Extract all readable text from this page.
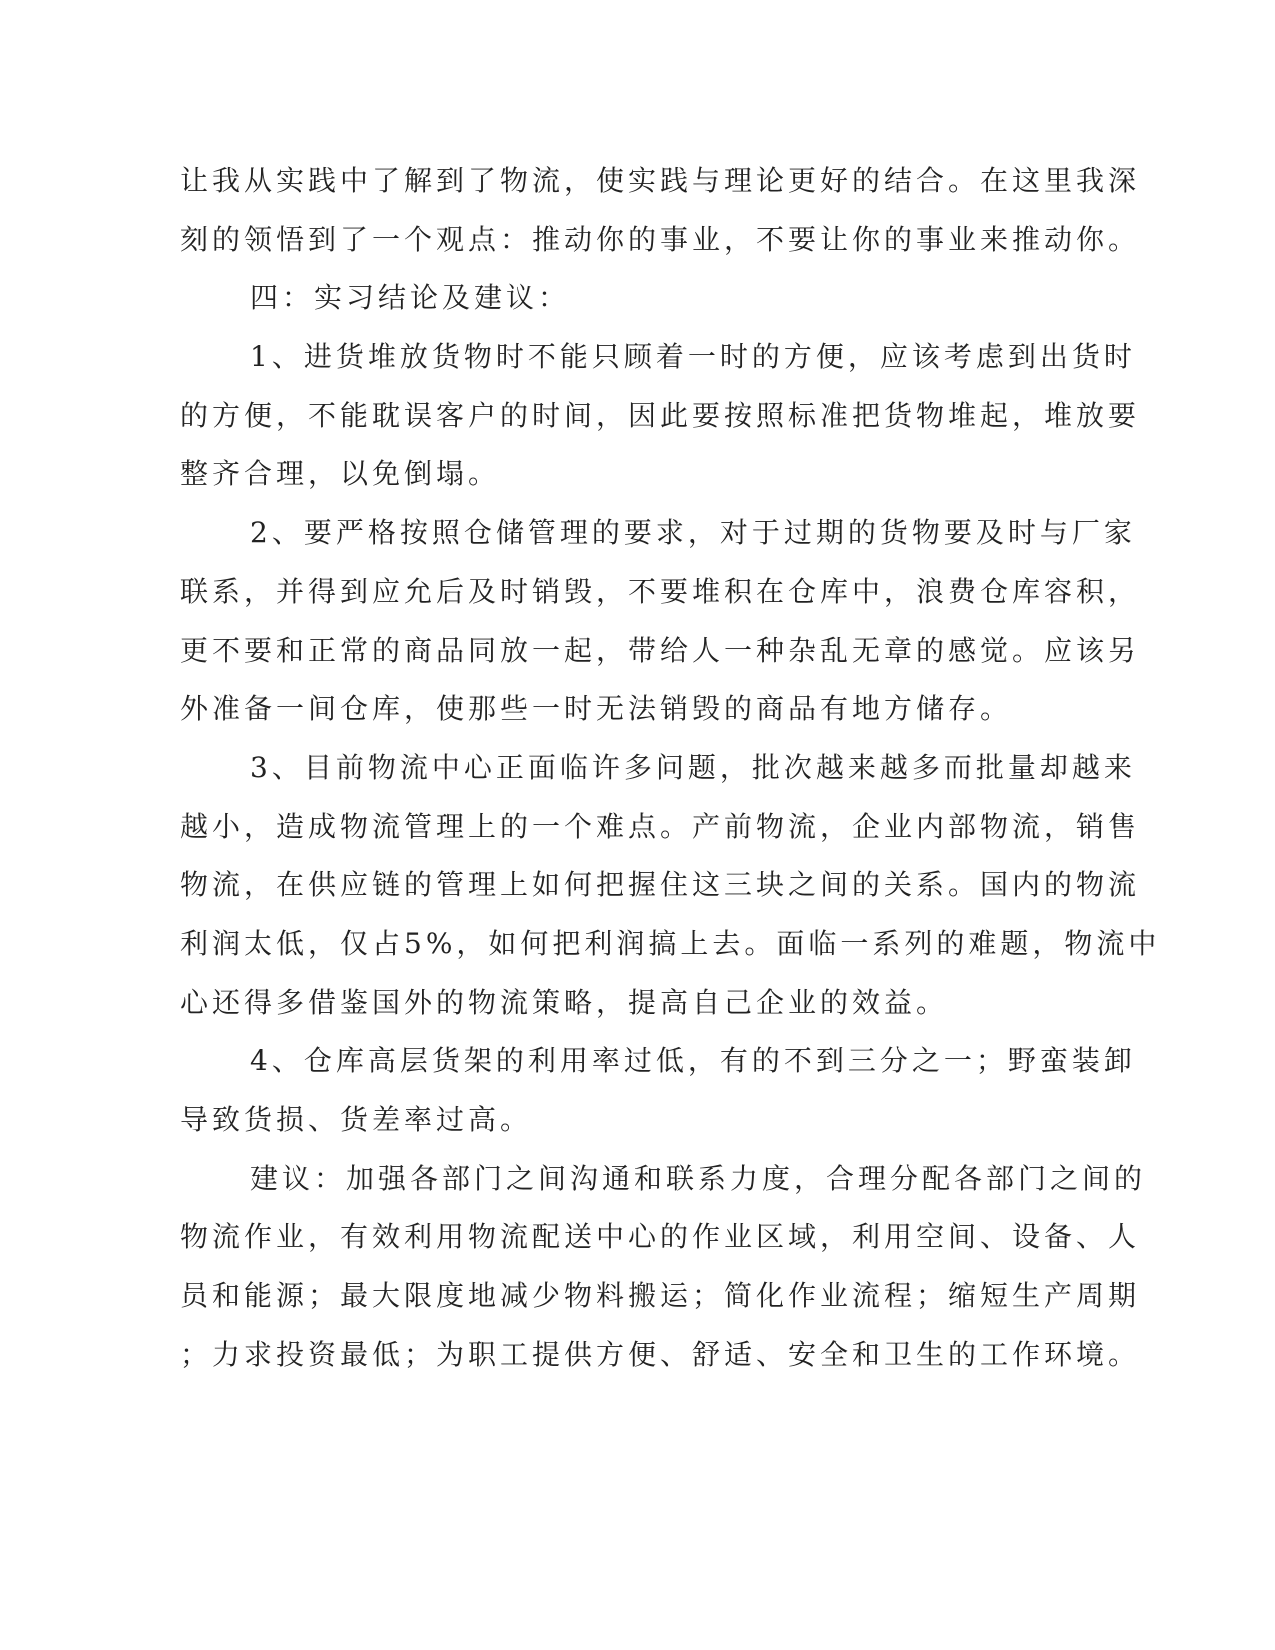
让我从实践中了解到了物流，使实践与理论更好的结合。在这里我深
刻的领悟到了一个观点：推动你的事业，不要让你的事业来推动你。
四：实习结论及建议：
1、进货堆放货物时不能只顾着一时的方便，应该考虑到出货时
的方便，不能耽误客户的时间，因此要按照标准把货物堆起，堆放要
整齐合理，以免倒塌。
2、要严格按照仓储管理的要求，对于过期的货物要及时与厂家
联系，并得到应允后及时销毁，不要堆积在仓库中，浪费仓库容积，
更不要和正常的商品同放一起，带给人一种杂乱无章的感觉。应该另
外准备一间仓库，使那些一时无法销毁的商品有地方储存。
3、目前物流中心正面临许多问题，批次越来越多而批量却越来
越小，造成物流管理上的一个难点。产前物流，企业内部物流，销售
物流，在供应链的管理上如何把握住这三块之间的关系。国内的物流
利润太低，仅占5%，如何把利润搞上去。面临一系列的难题，物流中
心还得多借鉴国外的物流策略，提高自己企业的效益。
4、仓库高层货架的利用率过低，有的不到三分之一；野蛮装卸
导致货损、货差率过高。
建议：加强各部门之间沟通和联系力度，合理分配各部门之间的
物流作业，有效利用物流配送中心的作业区域，利用空间、设备、人
员和能源；最大限度地减少物料搬运；简化作业流程；缩短生产周期
；力求投资最低；为职工提供方便、舒适、安全和卫生的工作环境。
